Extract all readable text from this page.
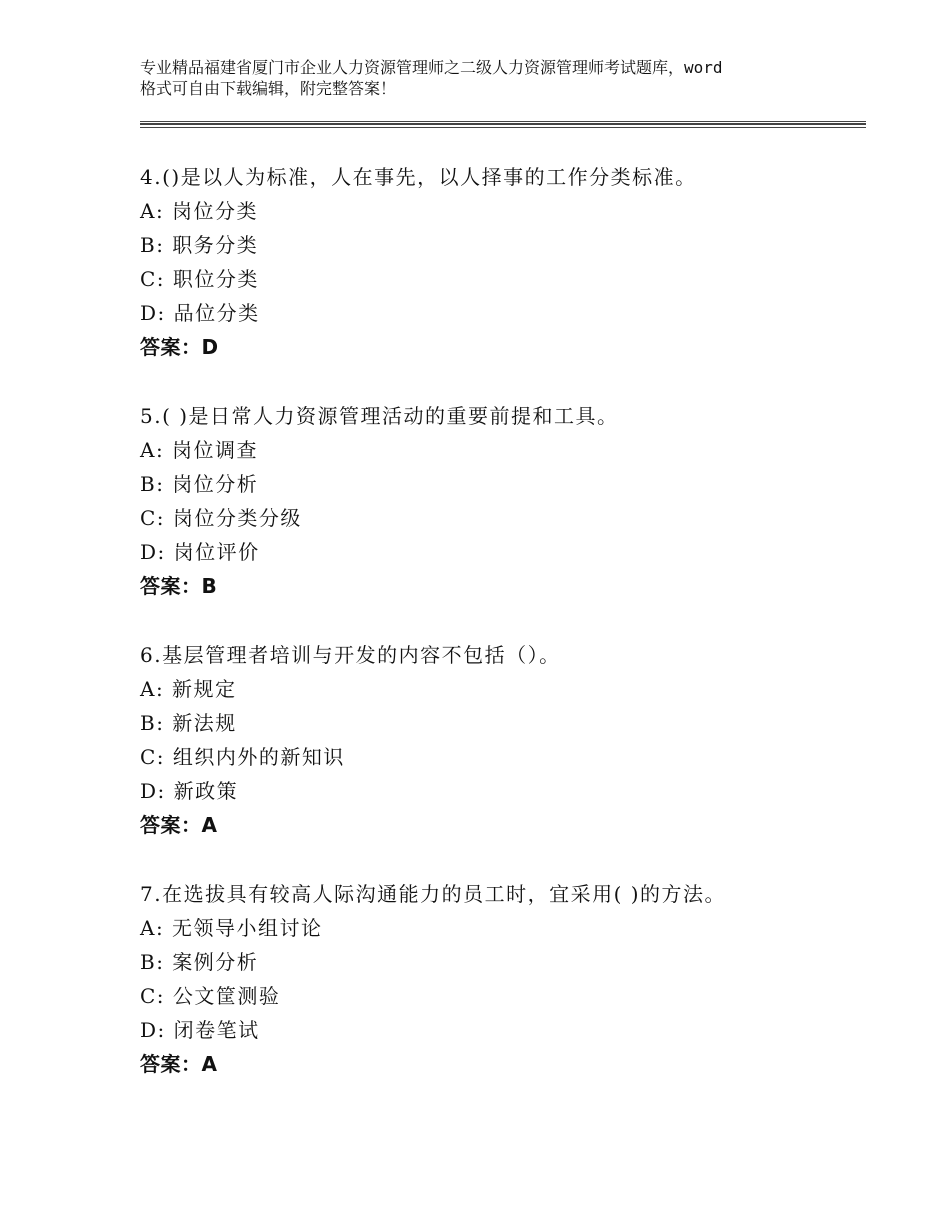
专业精品福建省厦门市企业人力资源管理师之二级人力资源管理师考试题库，word
格式可自由下载编辑，附完整答案！
4.()是以人为标准，人在事先，以人择事的工作分类标准。
A: 岗位分类
B: 职务分类
C: 职位分类
D: 品位分类
答案：D
5.( )是日常人力资源管理活动的重要前提和工具。
A: 岗位调查
B: 岗位分析
C: 岗位分类分级
D: 岗位评价
答案：B
6.基层管理者培训与开发的内容不包括（）。
A: 新规定
B: 新法规
C: 组织内外的新知识
D: 新政策
答案：A
7.在选拔具有较高人际沟通能力的员工时，宜采用( )的方法。
A: 无领导小组讨论
B: 案例分析
C: 公文筐测验
D: 闭卷笔试
答案：A
